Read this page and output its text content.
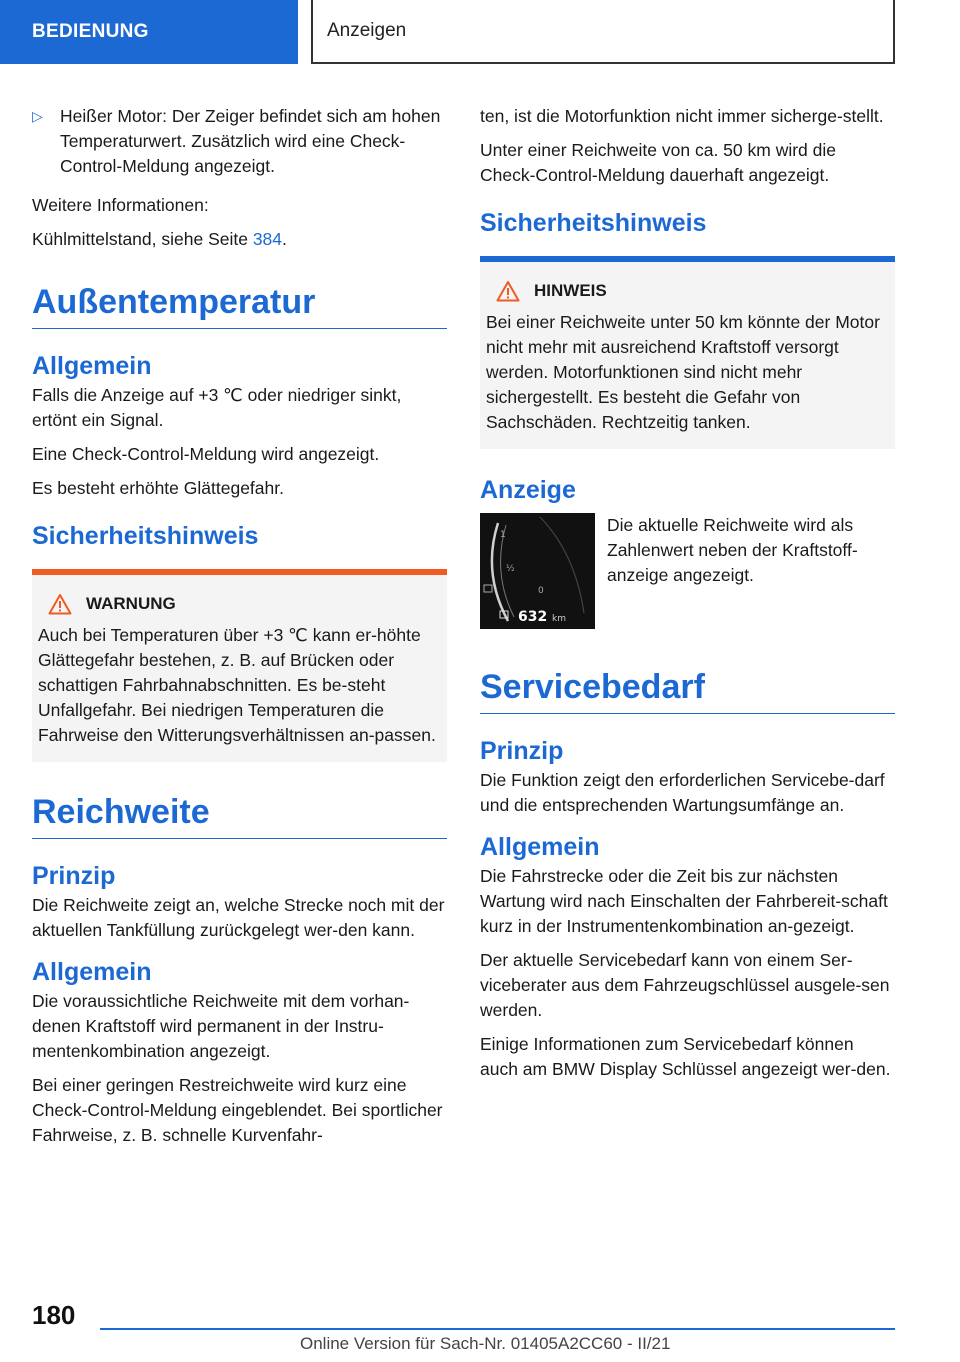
BEDIENUNG	Anzeigen
▷ Heißer Motor: Der Zeiger befindet sich am hohen Temperaturwert. Zusätzlich wird eine Check-Control-Meldung angezeigt.

Weitere Informationen:

Kühlmittelstand, siehe Seite 384.

Außentemperatur
Allgemein

Falls die Anzeige auf +3 ℃ oder niedriger sinkt, ertönt ein Signal.

Eine Check-Control-Meldung wird angezeigt.

Es besteht erhöhte Glättegefahr.

Sicherheitshinweis
WARNUNG

Auch bei Temperaturen über +3 ℃ kann er-höhte Glättegefahr bestehen, z. B. auf Brücken oder schattigen Fahrbahnabschnitten. Es be-steht Unfallgefahr. Bei niedrigen Temperaturen die Fahrweise den Witterungsverhältnissen an-passen.

Reichweite
Prinzip

Die Reichweite zeigt an, welche Strecke noch mit der aktuellen Tankfüllung zurückgelegt wer-den kann.

Allgemein

Die voraussichtliche Reichweite mit dem vorhan-denen Kraftstoff wird permanent in der Instru-mentenkombination angezeigt.

Bei einer geringen Restreichweite wird kurz eine Check-Control-Meldung eingeblendet. Bei sportlicher Fahrweise, z. B. schnelle Kurvenfahr-

ten, ist die Motorfunktion nicht immer sicherge-stellt.

Unter einer Reichweite von ca. 50 km wird die Check-Control-Meldung dauerhaft angezeigt.

Sicherheitshinweis
HINWEIS

Bei einer Reichweite unter 50 km könnte der Motor nicht mehr mit ausreichend Kraftstoff versorgt werden. Motorfunktionen sind nicht mehr sichergestellt. Es besteht die Gefahr von Sachschäden. Rechtzeitig tanken.

Anzeige
1
½
0
632 km

Die aktuelle Reichweite wird als Zahlenwert neben der Kraftstoff-anzeige angezeigt.

Servicebedarf
Prinzip

Die Funktion zeigt den erforderlichen Servicebe-darf und die entsprechenden Wartungsumfänge an.

Allgemein

Die Fahrstrecke oder die Zeit bis zur nächsten Wartung wird nach Einschalten der Fahrbereit-schaft kurz in der Instrumentenkombination an-gezeigt.

Der aktuelle Servicebedarf kann von einem Ser-viceberater aus dem Fahrzeugschlüssel ausgele-sen werden.

Einige Informationen zum Servicebedarf können auch am BMW Display Schlüssel angezeigt wer-den.

180
Online Version für Sach-Nr. 01405A2CC60 - II/21
